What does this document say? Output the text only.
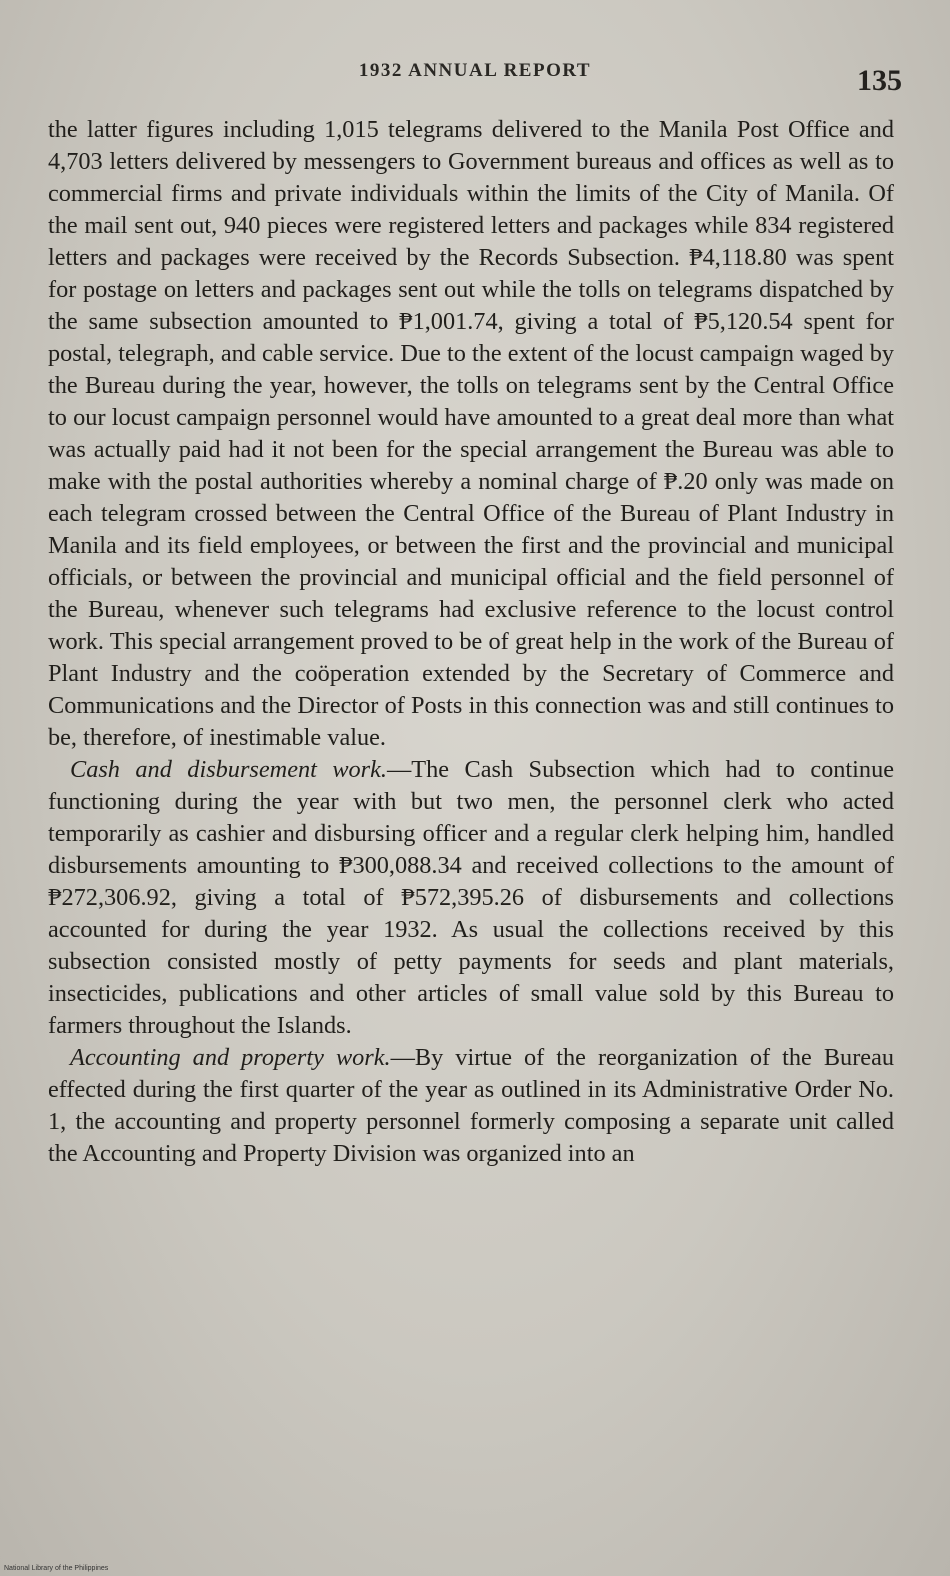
1932 ANNUAL REPORT	135

the latter figures including 1,015 telegrams delivered to the Manila Post Office and 4,703 letters delivered by messengers to Government bureaus and offices as well as to commercial firms and private individuals within the limits of the City of Manila. Of the mail sent out, 940 pieces were registered letters and packages while 834 registered letters and packages were received by the Records Subsection. ₱4,118.80 was spent for postage on letters and packages sent out while the tolls on telegrams dispatched by the same subsection amounted to ₱1,001.74, giving a total of ₱5,120.54 spent for postal, telegraph, and cable service. Due to the extent of the locust campaign waged by the Bureau during the year, however, the tolls on telegrams sent by the Central Office to our locust campaign personnel would have amounted to a great deal more than what was actually paid had it not been for the special arrangement the Bureau was able to make with the postal authorities whereby a nominal charge of ₱.20 only was made on each telegram crossed between the Central Office of the Bureau of Plant Industry in Manila and its field employees, or between the first and the provincial and municipal officials, or between the provincial and municipal official and the field personnel of the Bureau, whenever such telegrams had exclusive reference to the locust control work. This special arrangement proved to be of great help in the work of the Bureau of Plant Industry and the coöperation extended by the Secretary of Commerce and Communications and the Director of Posts in this connection was and still continues to be, therefore, of inestimable value.

Cash and disbursement work.—The Cash Subsection which had to continue functioning during the year with but two men, the personnel clerk who acted temporarily as cashier and disbursing officer and a regular clerk helping him, handled disbursements amounting to ₱300,088.34 and received collections to the amount of ₱272,306.92, giving a total of ₱572,395.26 of disbursements and collections accounted for during the year 1932. As usual the collections received by this subsection consisted mostly of petty payments for seeds and plant materials, insecticides, publications and other articles of small value sold by this Bureau to farmers throughout the Islands.

Accounting and property work.—By virtue of the reorganization of the Bureau effected during the first quarter of the year as outlined in its Administrative Order No. 1, the accounting and property personnel formerly composing a separate unit called the Accounting and Property Division was organized into an

National Library of the Philippines
